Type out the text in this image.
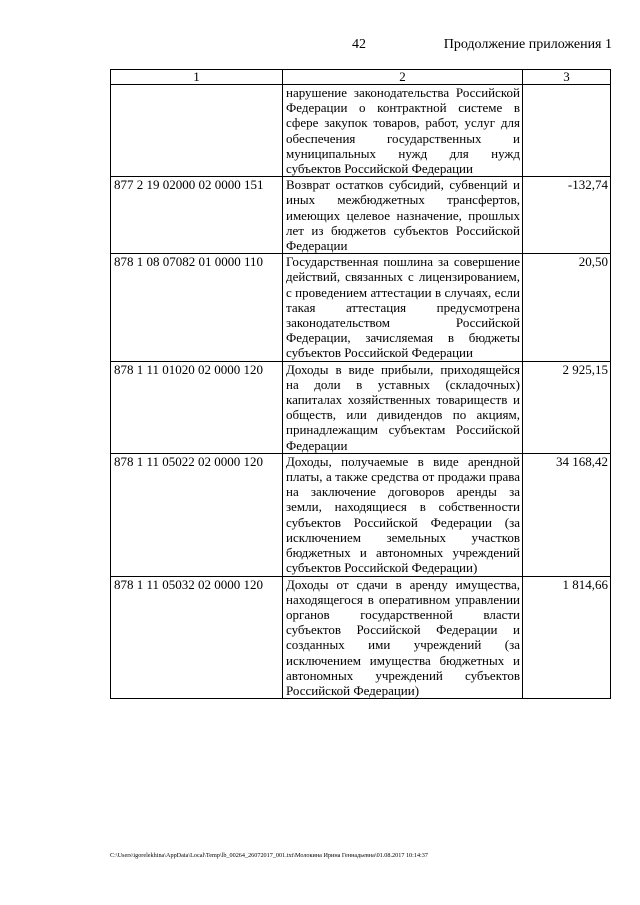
42	Продолжение приложения 1
1	2	3
	нарушение законодательства Российской Федерации о контрактной системе в сфере закупок товаров, работ, услуг для обеспечения государственных и муниципальных нужд для нужд субъектов Российской Федерации	
877 2 19 02000 02 0000 151	Возврат остатков субсидий, субвенций и иных межбюджетных трансфертов, имеющих целевое назначение, прошлых лет из бюджетов субъектов Российской Федерации	-132,74
878 1 08 07082 01 0000 110	Государственная пошлина за совершение действий, связанных с лицензированием, с проведением аттестации в случаях, если такая аттестация предусмотрена законодательством Российской Федерации, зачисляемая в бюджеты субъектов Российской Федерации	20,50
878 1 11 01020 02 0000 120	Доходы в виде прибыли, приходящейся на доли в уставных (складочных) капиталах хозяйственных товариществ и обществ, или дивидендов по акциям, принадлежащим субъектам Российской Федерации	2 925,15
878 1 11 05022 02 0000 120	Доходы, получаемые в виде арендной платы, а также средства от продажи права на заключение договоров аренды за земли, находящиеся в собственности субъектов Российской Федерации (за исключением земельных участков бюджетных и автономных учреждений субъектов Российской Федерации)	34 168,42
878 1 11 05032 02 0000 120	Доходы от сдачи в аренду имущества, находящегося в оперативном управлении органов государственной власти субъектов Российской Федерации и созданных ими учреждений (за исключением имущества бюджетных и автономных учреждений субъектов Российской Федерации)	1 814,66
C:\Users\igorelekhina\AppData\Local\Temp\lb_00264_26072017_001.txt\Молокина Ирина Геннадьевна\01.08.2017 10:14:37
